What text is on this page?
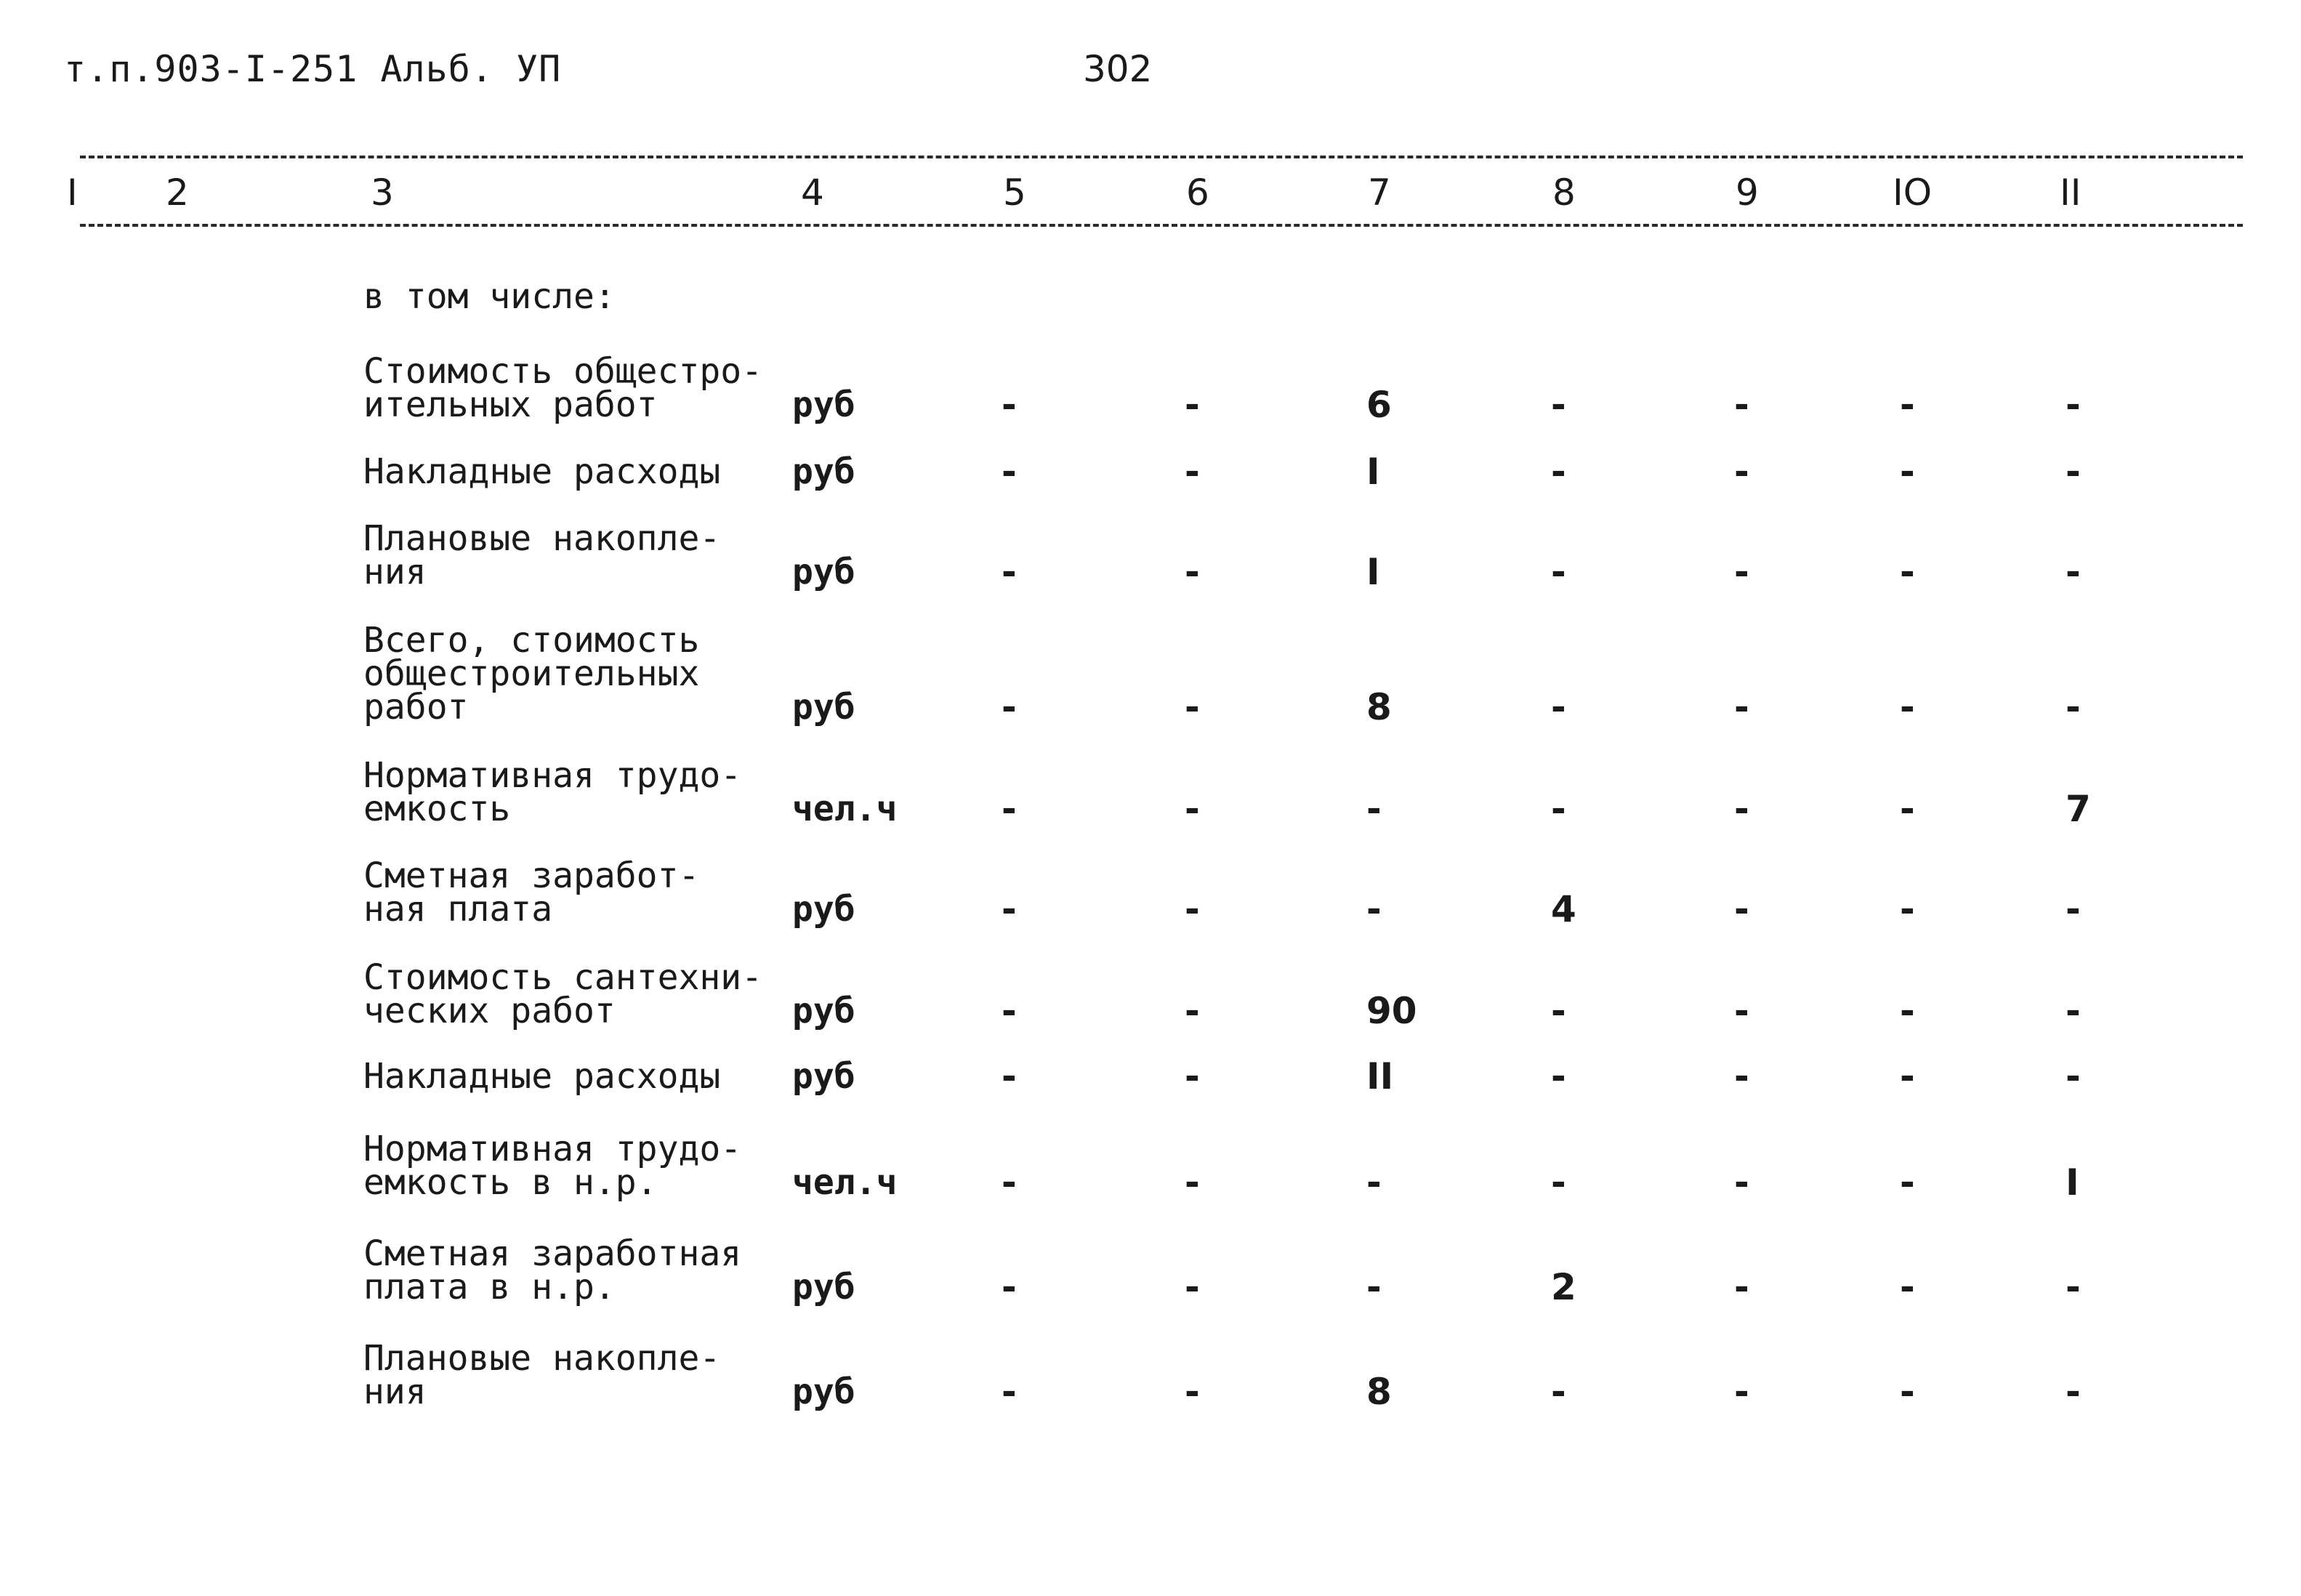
т.п.903-I-251 Альб. УП	302
I 2	3	4	5	6	7	8	9	IO	II
в том числе:
Стоимость общестро-
ительных работ	руб	-	-	6	-	-	-	-
Накладные расходы	руб	-	-	I	-	-	-	-
Плановые накопле-
ния	руб	-	-	I	-	-	-	-
Всего, стоимость
общестроительных
работ	руб	-	-	8	-	-	-	-
Нормативная трудо-
емкость	чел.ч	-	-	-	-	-	-	7
Сметная заработ-
ная плата	руб	-	-	-	4	-	-	-
Стоимость сантехни-
ческих работ	руб	-	-	90	-	-	-	-
Накладные расходы	руб	-	-	II	-	-	-	-
Нормативная трудо-
емкость в н.р.	чел.ч	-	-	-	-	-	-	I
Сметная заработная
плата в н.р.	руб	-	-	-	2	-	-	-
Плановые накопле-
ния	руб	-	-	8	-	-	-	-
